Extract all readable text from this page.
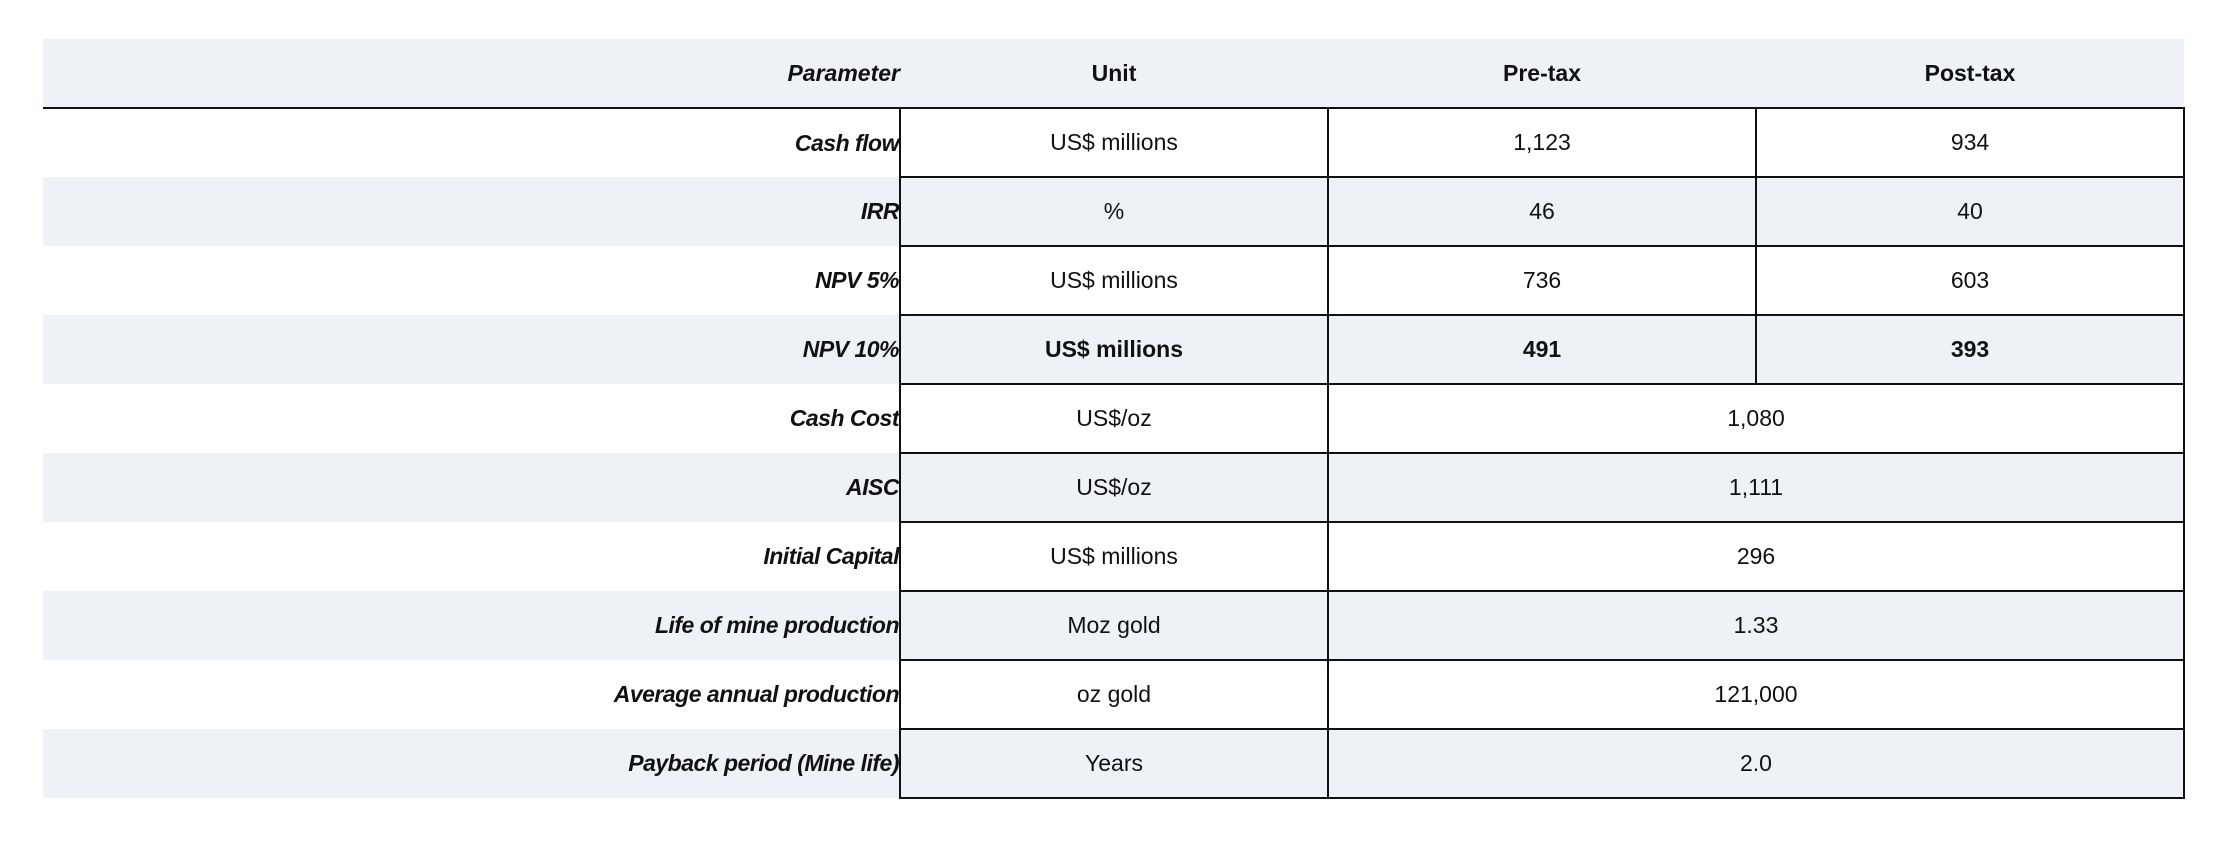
Parameter	Unit	Pre-tax	Post-tax
Cash flow	US$ millions	1,123	934
IRR	%	46	40
NPV 5%	US$ millions	736	603
NPV 10%	US$ millions	491	393
Cash Cost	US$/oz	1,080	
AISC	US$/oz	1,111	
Initial Capital	US$ millions	296	
Life of mine production	Moz gold	1.33	
Average annual production	oz gold	121,000	
Payback period (Mine life)	Years	2.0	
